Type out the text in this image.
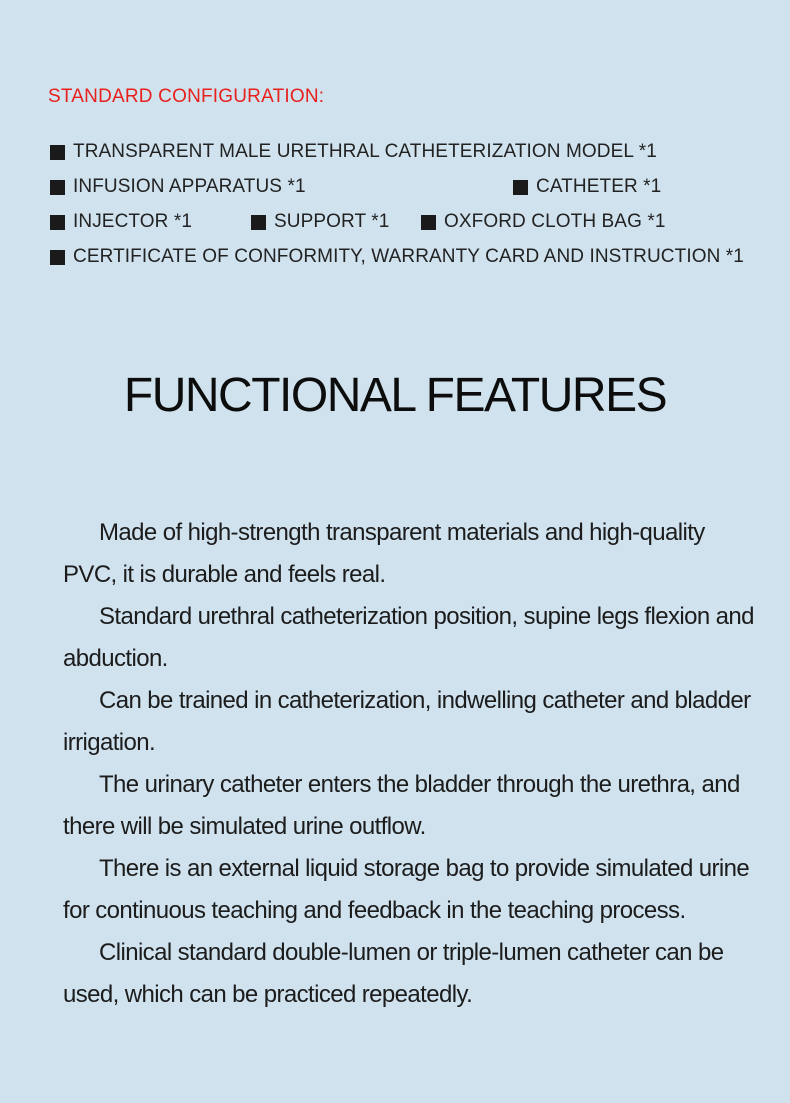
STANDARD CONFIGURATION:
TRANSPARENT MALE URETHRAL CATHETERIZATION MODEL *1
INFUSION APPARATUS *1	CATHETER *1
INJECTOR *1	SUPPORT *1	OXFORD CLOTH BAG *1
CERTIFICATE OF CONFORMITY, WARRANTY CARD AND INSTRUCTION *1
FUNCTIONAL FEATURES

Made of high-strength transparent materials and high-quality PVC, it is durable and feels real.

Standard urethral catheterization position, supine legs flexion and abduction.

Can be trained in catheterization, indwelling catheter and bladder irrigation.

The urinary catheter enters the bladder through the urethra, and there will be simulated urine outflow.

There is an external liquid storage bag to provide simulated urine for continuous teaching and feedback in the teaching process.

Clinical standard double-lumen or triple-lumen catheter can be used, which can be practiced repeatedly.
